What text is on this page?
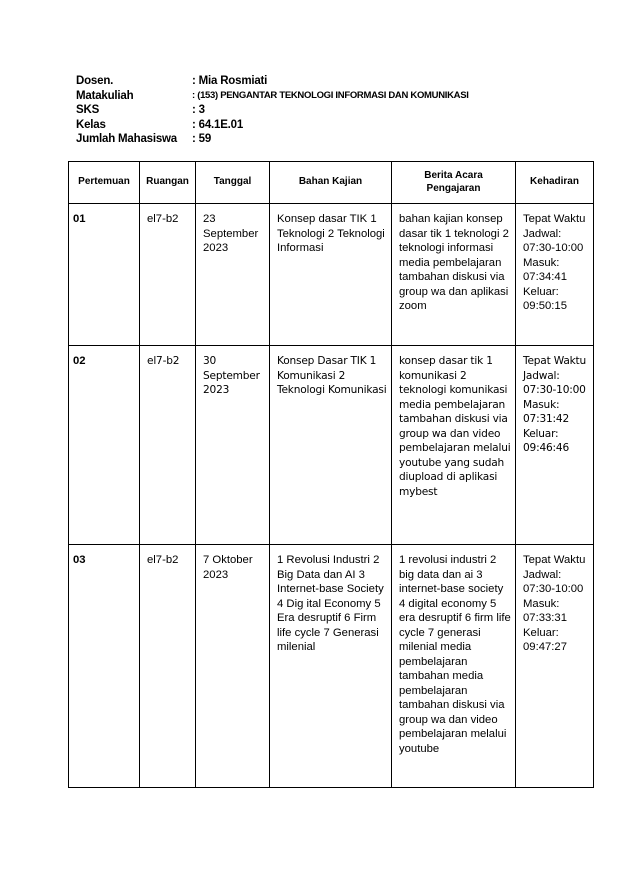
Dosen.	: Mia Rosmiati
Matakuliah	: (153) PENGANTAR TEKNOLOGI INFORMASI DAN KOMUNIKASI
SKS	: 3
Kelas	: 64.1E.01
Jumlah Mahasiswa	: 59
Pertemuan	Ruangan	Tanggal	Bahan Kajian	Berita Acara Pengajaran	Kehadiran
01	el7-b2	23 September 2023	Konsep dasar TIK 1 Teknologi 2 Teknologi Informasi	bahan kajian konsep dasar tik 1 teknologi 2 teknologi informasi media pembelajaran tambahan diskusi via group wa dan aplikasi zoom	Tepat Waktu Jadwal: 07:30-10:00 Masuk: 07:34:41 Keluar: 09:50:15
02	el7-b2	30 September 2023	Konsep Dasar TIK 1 Komunikasi 2 Teknologi Komunikasi	konsep dasar tik 1 komunikasi 2 teknologi komunikasi media pembelajaran tambahan diskusi via group wa dan video pembelajaran melalui youtube yang sudah diupload di aplikasi mybest	Tepat Waktu Jadwal: 07:30-10:00 Masuk: 07:31:42 Keluar: 09:46:46
03	el7-b2	7 Oktober 2023	1 Revolusi Industri 2 Big Data dan AI 3 Internet-base Society 4 Dig ital Economy 5 Era desruptif 6 Firm life cycle 7 Generasi milenial	1 revolusi industri 2 big data dan ai 3 internet-base society 4 digital economy 5 era desruptif 6 firm life cycle 7 generasi milenial media pembelajaran tambahan media pembelajaran tambahan diskusi via group wa dan video pembelajaran melalui youtube	Tepat Waktu Jadwal: 07:30-10:00 Masuk: 07:33:31 Keluar: 09:47:27
